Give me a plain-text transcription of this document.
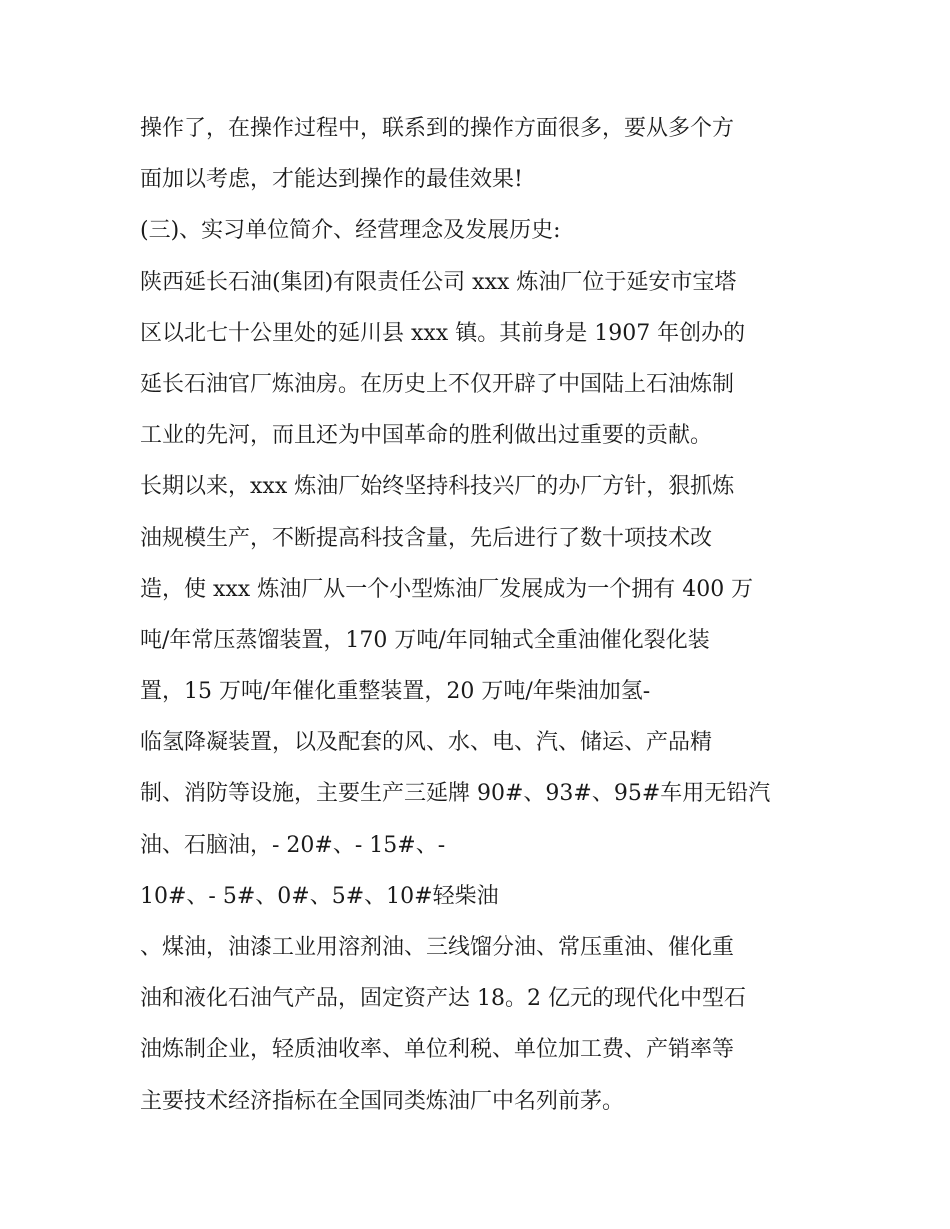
操作了，在操作过程中，联系到的操作方面很多，要从多个方
面加以考虑，才能达到操作的最佳效果!
(三)、实习单位简介、经营理念及发展历史:
陕西延长石油(集团)有限责任公司 xxx 炼油厂位于延安市宝塔
区以北七十公里处的延川县 xxx 镇。其前身是 1907 年创办的
延长石油官厂炼油房。在历史上不仅开辟了中国陆上石油炼制
工业的先河，而且还为中国革命的胜利做出过重要的贡献。
长期以来，xxx 炼油厂始终坚持科技兴厂的办厂方针，狠抓炼
油规模生产，不断提高科技含量，先后进行了数十项技术改
造，使 xxx 炼油厂从一个小型炼油厂发展成为一个拥有 400 万
吨/年常压蒸馏装置，170 万吨/年同轴式全重油催化裂化装
置，15 万吨/年催化重整装置，20 万吨/年柴油加氢-
临氢降凝装置，以及配套的风、水、电、汽、储运、产品精
制、消防等设施，主要生产三延牌 90#、93#、95#车用无铅汽
油、石脑油，- 20#、- 15#、-
10#、- 5#、0#、5#、10#轻柴油
、煤油，油漆工业用溶剂油、三线馏分油、常压重油、催化重
油和液化石油气产品，固定资产达 18。2 亿元的现代化中型石
油炼制企业，轻质油收率、单位利税、单位加工费、产销率等
主要技术经济指标在全国同类炼油厂中名列前茅。
